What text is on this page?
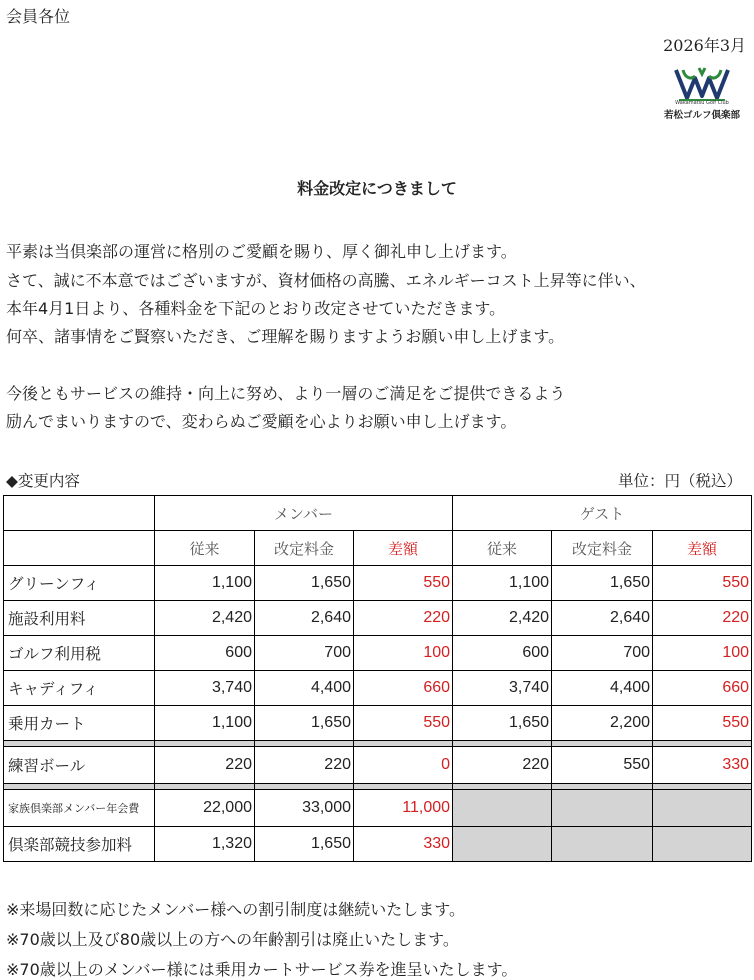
会員各位
2026年3月
Wakamatsu Golf Club
若松ゴルフ倶楽部
料金改定につきまして
平素は当倶楽部の運営に格別のご愛顧を賜り、厚く御礼申し上げます。
さて、誠に不本意ではございますが、資材価格の高騰、エネルギーコスト上昇等に伴い、
本年4月1日より、各種料金を下記のとおり改定させていただきます。
何卒、諸事情をご賢察いただき、ご理解を賜りますようお願い申し上げます。
今後ともサービスの維持・向上に努め、より一層のご満足をご提供できるよう
励んでまいりますので、変わらぬご愛顧を心よりお願い申し上げます。
◆変更内容	単位：円（税込）
	メンバー			ゲスト		
	従来	改定料金	差額	従来	改定料金	差額
グリーンフィ	1,100	1,650	550	1,100	1,650	550
施設利用料	2,420	2,640	220	2,420	2,640	220
ゴルフ利用税	600	700	100	600	700	100
キャディフィ	3,740	4,400	660	3,740	4,400	660
乗用カート	1,100	1,650	550	1,650	2,200	550

練習ボール	220	220	0	220	550	330

家族倶楽部メンバー年会費	22,000	33,000	11,000			
倶楽部競技参加料	1,320	1,650	330			
※来場回数に応じたメンバー様への割引制度は継続いたします。
※70歳以上及び80歳以上の方への年齢割引は廃止いたします。
※70歳以上のメンバー様には乗用カートサービス券を進呈いたします。
